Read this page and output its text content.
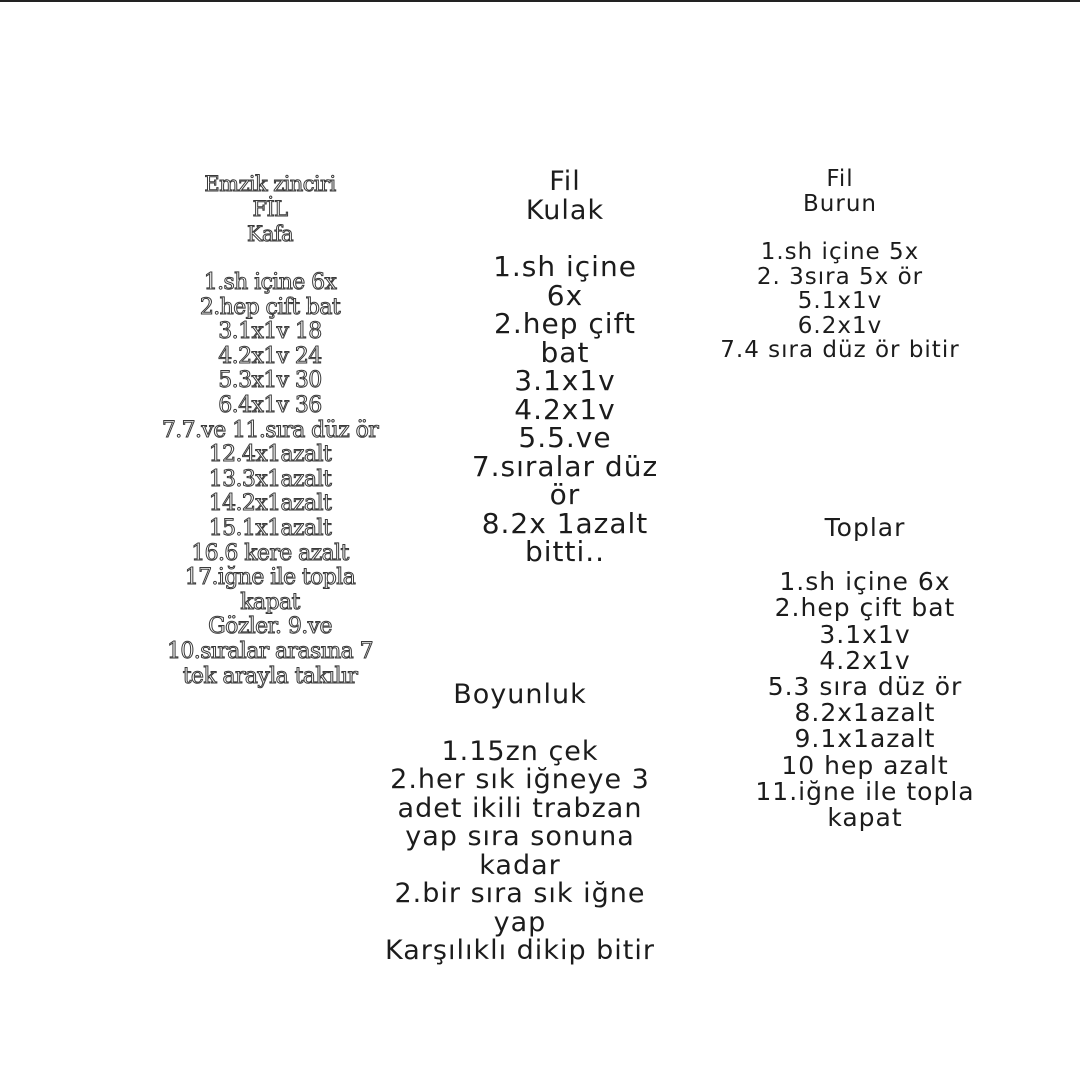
Emzik zinciri
FİL
Kafa
1.sh içine 6x
2.hep çift bat
3.1x1v 18
4.2x1v 24
5.3x1v 30
6.4x1v 36
7.7.ve 11.sıra düz ör
12.4x1azalt
13.3x1azalt
14.2x1azalt
15.1x1azalt
16.6 kere azalt
17.iğne ile topla
kapat
Gözler. 9.ve
10.sıralar arasına 7
tek arayla takılır
Fil
Kulak
1.sh içine
6x
2.hep çift
bat
3.1x1v
4.2x1v
5.5.ve
7.sıralar düz
ör
8.2x 1azalt
bitti..
Fil
Burun
1.sh içine 5x
2. 3sıra 5x ör
5.1x1v
6.2x1v
7.4 sıra düz ör bitir
Toplar
1.sh içine 6x
2.hep çift bat
3.1x1v
4.2x1v
5.3 sıra düz ör
8.2x1azalt
9.1x1azalt
10 hep azalt
11.iğne ile topla
kapat
Boyunluk
1.15zn çek
2.her sık iğneye 3
adet ikili trabzan
yap sıra sonuna
kadar
2.bir sıra sık iğne
yap
Karşılıklı dikip bitir
